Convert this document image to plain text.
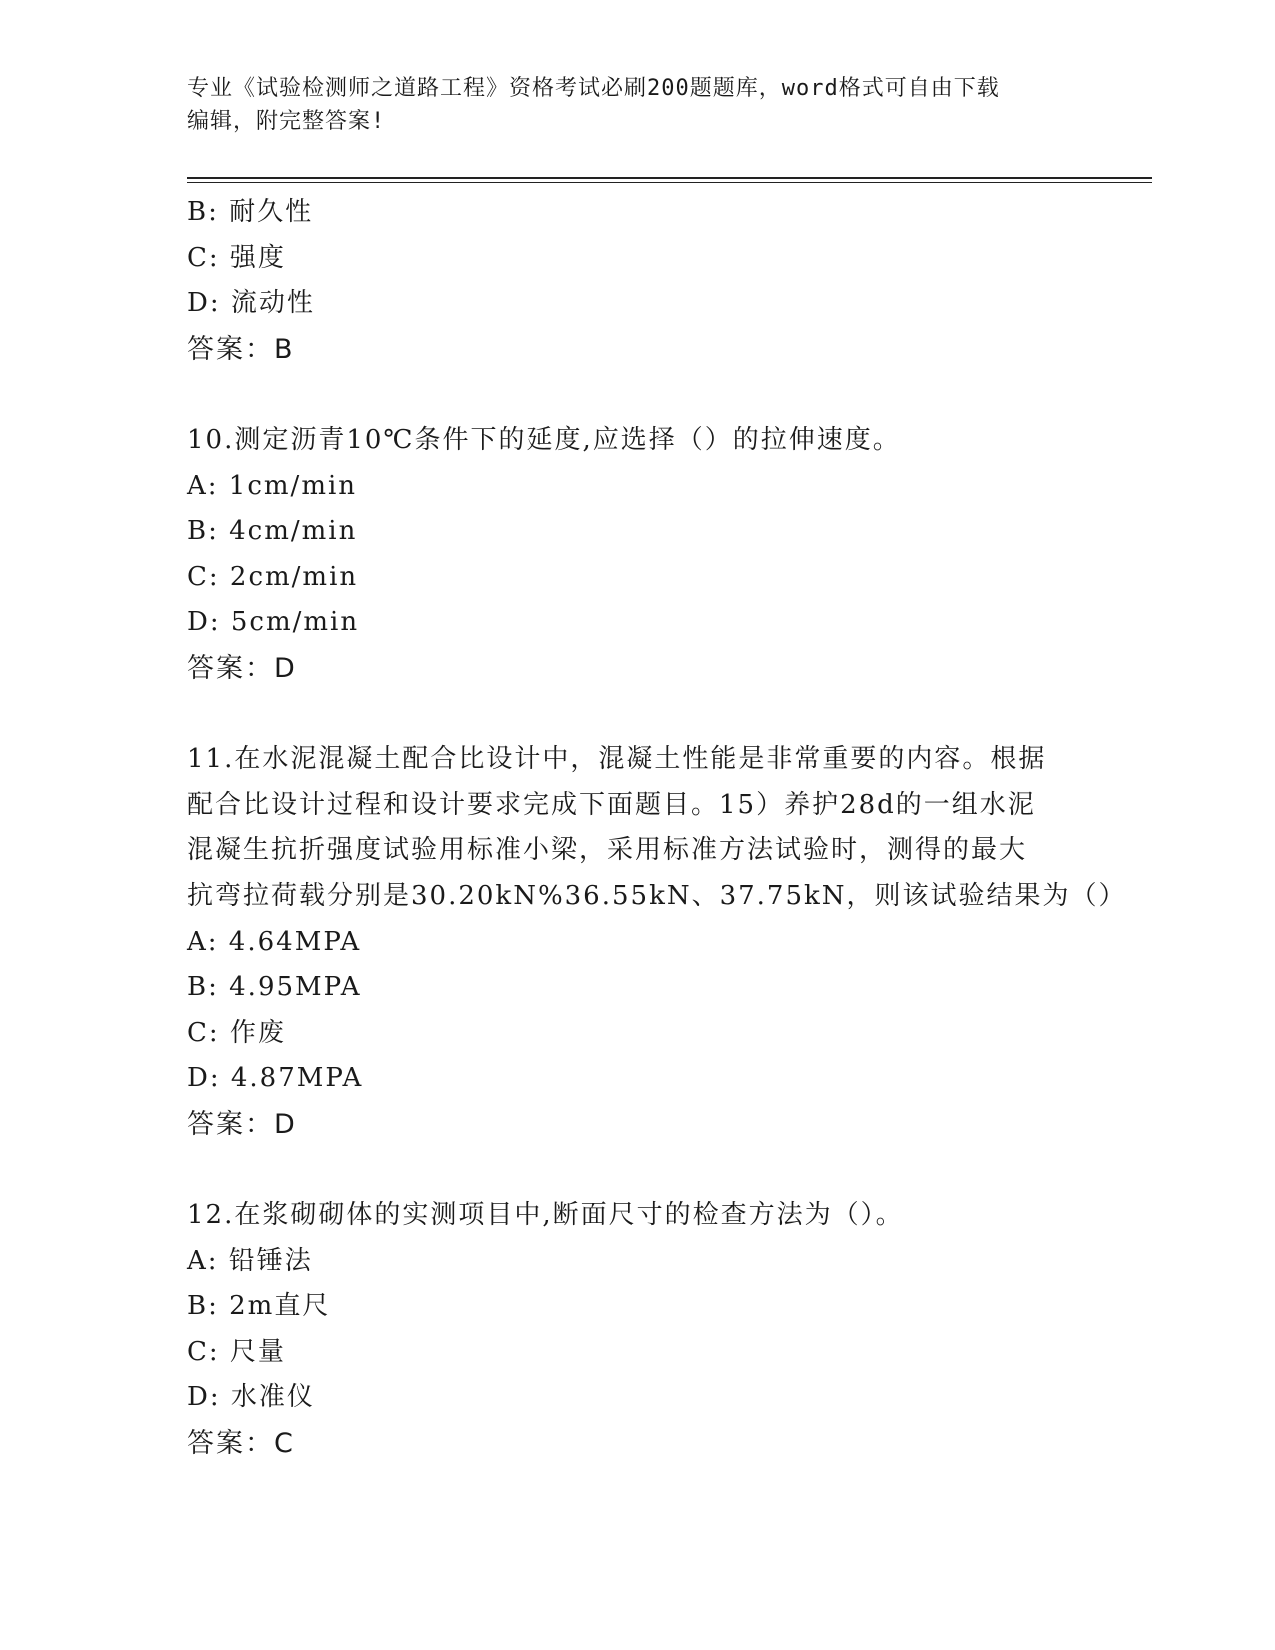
专业《试验检测师之道路工程》资格考试必刷200题题库，word格式可自由下载
编辑，附完整答案!
B: 耐久性
C: 强度
D: 流动性
答案：B
10.测定沥青10℃条件下的延度,应选择（）的拉伸速度。
A: 1cm/min
B: 4cm/min
C: 2cm/min
D: 5cm/min
答案：D
11.在水泥混凝土配合比设计中，混凝土性能是非常重要的内容。根据
配合比设计过程和设计要求完成下面题目。15）养护28d的一组水泥
混凝生抗折强度试验用标准小梁，采用标准方法试验时，测得的最大
抗弯拉荷载分别是30.20kN%36.55kN、37.75kN，则该试验结果为（）
A: 4.64MPA
B: 4.95MPA
C: 作废
D: 4.87MPA
答案：D
12.在浆砌砌体的实测项目中,断面尺寸的检查方法为（）。
A: 铅锤法
B: 2m直尺
C: 尺量
D: 水准仪
答案：C
